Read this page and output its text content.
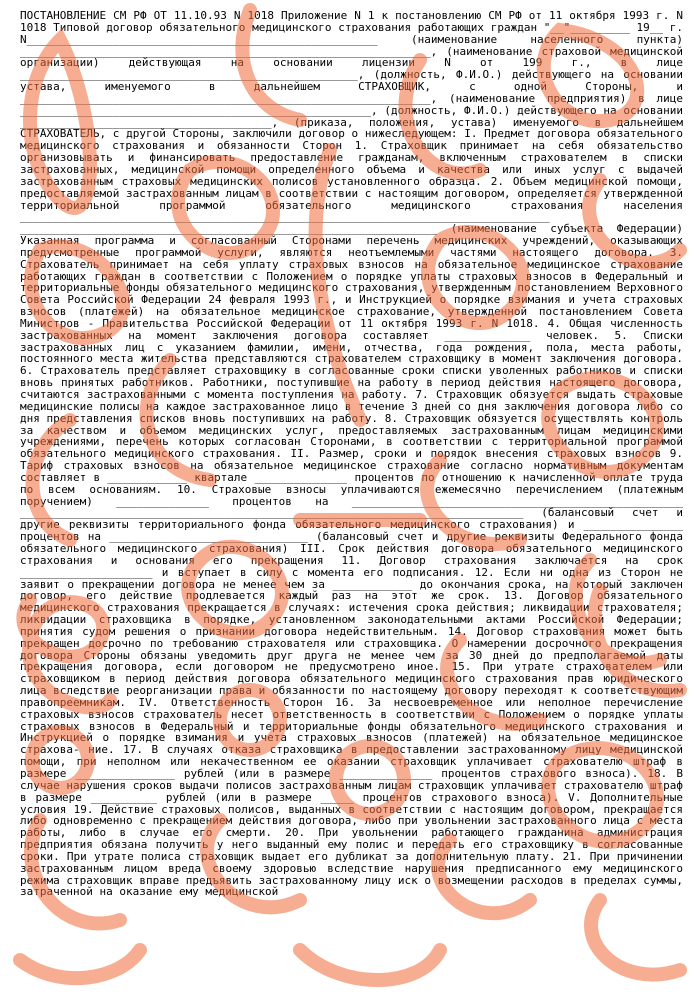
ПОСТАНОВЛЕНИЕ СМ РФ ОТ 11.10.93 N 1018 Приложение N 1 к постановлению СМ РФ от 11 октября 1993 г. N 1018 Типовой договор обязательного медицинского страхования работающих граждан "__"_________ 19__ г. N_____________________________________________________ (наименование населенного пункта) ______________________________________________________________, (наименование страховой медицинской организации) действующая на основании лицензии N от 199 г., в лице ___________________________________________________, (должность, Ф.И.О.) действующего на основании устава, именуемого в дальнейшем СТРАХОВЩИК, с одной Стороны, и ______________________________________________________________, (наименование предприятия) в лице _____________________________________________________, (должность, Ф.И.О.) действующего на основании ______________________________________, (приказа, положения, устава) именуемого в дальнейшем СТРАХОВАТЕЛЬ, с другой Стороны, заключили договор о нижеследующем: I. Предмет договора обязательного медицинского страхования и обязанности Сторон 1. Страховщик принимает на себя обязательство организовывать и финансировать предоставление гражданам, включенным страхователем в списки застрахованных, медицинской помощи определенного объема и качества или иных услуг с выдачей застрахованным страховых медицинских полисов установленного образца. 2. Объем медицинской помощи, предоставляемой застрахованным лицам в соответствии с настоящим договором, определяется утвержденной территориальной программой обязательного медицинского страхования населения ________________________________________________________________________________ _______________________________________________________________ (наименование субъекта Федерации) Указанная программа и согласованный Сторонами перечень медицинских учреждений, оказывающих предусмотренные программой услуги, являются неотъемлемыми частями настоящего договора. 3. Страхователь принимает на себя уплату страховых взносов на обязательное медицинское страхование работающих граждан в соответствии с Положением о порядке уплаты страховых взносов в Федеральный и территориальные фонды обязательного медицинского страхования, утвержденным постановлением Верховного Совета Российской Федерации 24 февраля 1993 г., и Инструкцией о порядке взимания и учета страховых взносов (платежей) на обязательное медицинское страхование, утвержденной постановлением Совета Министров - Правительства Российской Федерации от 11 октября 1993 г. N 1018. 4. Общая численность застрахованных на момент заключения договора составляет _____________ человек. 5. Списки застрахованных лиц с указанием фамилии, имени, отчества, года рождения, пола, места работы, постоянного места жительства представляются страхователем страховщику в момент заключения договора. 6. Страхователь представляет страховщику в согласованные сроки списки уволенных работников и списки вновь принятых работников. Работники, поступившие на работу в период действия настоящего договора, считаются застрахованными с момента поступления на работу. 7. Страховщик обязуется выдать страховые медицинские полисы на каждое застрахованное лицо в течение 3 дней со дня заключения договора либо со дня представления списков вновь поступивших на работу. 8. Страховщик обязуется осуществлять контроль за качеством и объемом медицинских услуг, предоставляемых застрахованным лицам медицинскими учреждениями, перечень которых согласован Сторонами, в соответствии с территориальной программой обязательного медицинского страхования. II. Размер, сроки и порядок внесения страховых взносов 9. Тариф страховых взносов на обязательное медицинское страхование согласно нормативным документам составляет в ____________ квартале ______________ процентов по отношению к начисленной оплате труда по всем основаниям. 10. Страховые взносы уплачиваются ежемесячно перечислением (платежным поручением) ______________ процентов на __________________________________________________ ____________________________________________________________________________ (балансовый счет и другие реквизиты территориального фонда обязательного медицинского страхования) и _______________ процентов на ______________________________ (балансовый счет и другие реквизиты Федерального фонда обязательного медицинского страхования) III. Срок действия договора обязательного медицинского страхования и основания его прекращения 11. Договор страхования заключается на срок ____________________ и вступает в силу с момента его подписания. 12. Если ни одна из Сторон не заявит о прекращении договора не менее чем за ____________ до окончания срока, на который заключен договор, его действие продлевается каждый раз на этот же срок. 13. Договор обязательного медицинского страхования прекращается в случаях: истечения срока действия; ликвидации страхователя; ликвидации страховщика в порядке, установленном законодательными актами Российской Федерации; принятия судом решения о признании договора недействительным. 14. Договор страхования может быть прекращен досрочно по требованию страхователя или страховщика. О намерении досрочного прекращения договора Стороны обязаны уведомить друг друга не менее чем за 30 дней до предполагаемой даты прекращения договора, если договором не предусмотрено иное. 15. При утрате страхователем или страховщиком в период действия договора обязательного медицинского страхования прав юридического лица вследствие реорганизации права и обязанности по настоящему договору переходят к соответствующим правопреемникам. IV. Ответственность Сторон 16. За несвоевременное или неполное перечисление страховых взносов страхователь несет ответственность в соответствии с Положением о порядке уплаты страховых взносов в Федеральный и территориальные фонды обязательного медицинского страхования и Инструкцией о порядке взимания и учета страховых взносов (платежей) на обязательное медицинское страхова- ние. 17. В случаях отказа страховщика в предоставлении застрахованному лицу медицинской помощи, при неполном или некачественном ее оказании страховщик уплачивает страхователю штраф в размере _______________ рублей (или в размере ______________ процентов страхового взноса). 18. В случае нарушения сроков выдачи полисов застрахованным лицам страховщик уплачивает страхователю штраф в размере __________ рублей (или в размере _____ процентов страхового взноса). V. Дополнительные условия 19. Действие страховых полисов, выданных в соответствии с настоящим договором, прекращается либо одновременно с прекращением действия договора, либо при увольнении застрахованного лица с места работы, либо в случае его смерти. 20. При увольнении работающего гражданина администрация предприятия обязана получить у него выданный ему полис и передать его страховщику в согласованные сроки. При утрате полиса страховщик выдает его дубликат за дополнительную плату. 21. При причинении застрахованным лицом вреда своему здоровью вследствие нарушения предписанного ему медицинского режима страховщик вправе предъявить застрахованному лицу иск о возмещении расходов в пределах суммы, затраченной на оказание ему медицинской
